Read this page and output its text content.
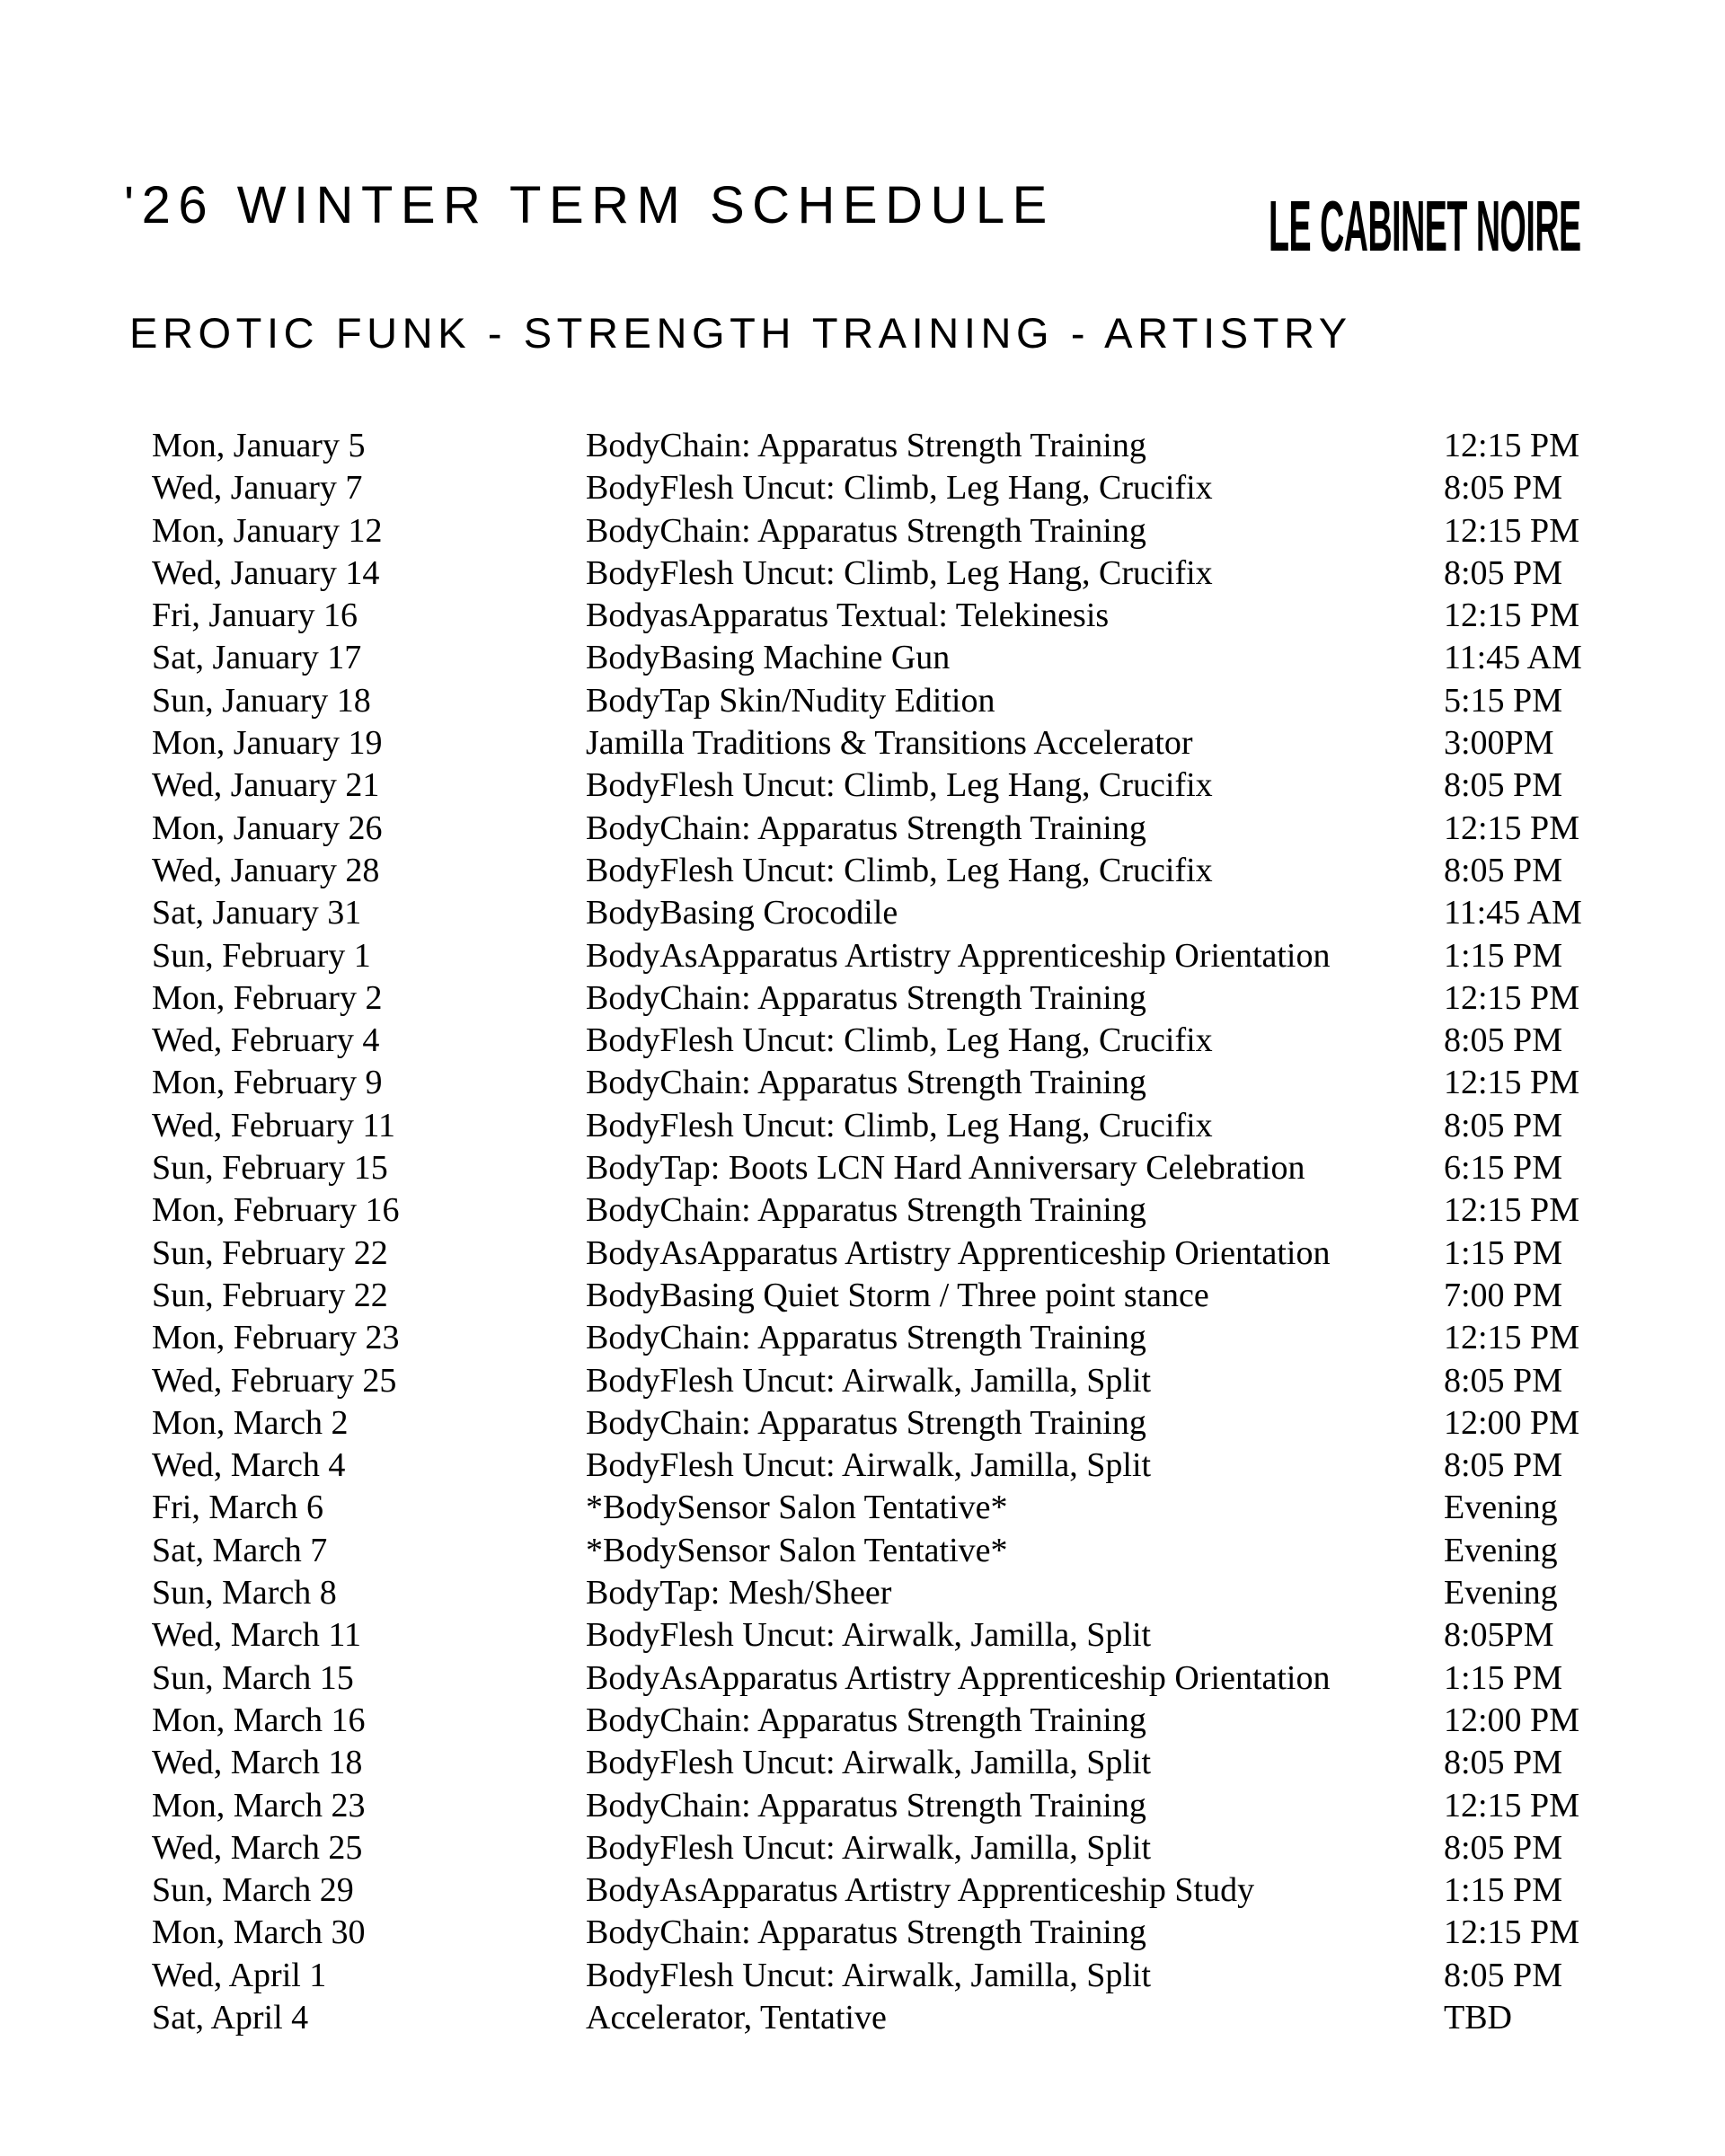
'26 WINTER TERM SCHEDULE	LE CABINET NOIRE
EROTIC FUNK - STRENGTH TRAINING - ARTISTRY
Mon, January 5	BodyChain: Apparatus Strength Training	12:15 PM
Wed, January 7	BodyFlesh Uncut: Climb, Leg Hang, Crucifix	8:05 PM
Mon, January 12	BodyChain: Apparatus Strength Training	12:15 PM
Wed, January 14	BodyFlesh Uncut: Climb, Leg Hang, Crucifix	8:05 PM
Fri, January 16	BodyasApparatus Textual: Telekinesis	12:15 PM
Sat, January 17	BodyBasing Machine Gun	11:45 AM
Sun, January 18	BodyTap Skin/Nudity Edition	5:15 PM
Mon, January 19	Jamilla Traditions & Transitions Accelerator	3:00PM
Wed, January 21	BodyFlesh Uncut: Climb, Leg Hang, Crucifix	8:05 PM
Mon, January 26	BodyChain: Apparatus Strength Training	12:15 PM
Wed, January 28	BodyFlesh Uncut: Climb, Leg Hang, Crucifix	8:05 PM
Sat, January 31	BodyBasing Crocodile	11:45 AM
Sun, February 1	BodyAsApparatus Artistry Apprenticeship Orientation	1:15 PM
Mon, February 2	BodyChain: Apparatus Strength Training	12:15 PM
Wed, February 4	BodyFlesh Uncut: Climb, Leg Hang, Crucifix	8:05 PM
Mon, February 9	BodyChain: Apparatus Strength Training	12:15 PM
Wed, February 11	BodyFlesh Uncut: Climb, Leg Hang, Crucifix	8:05 PM
Sun, February 15	BodyTap: Boots LCN Hard Anniversary Celebration	6:15 PM
Mon, February 16	BodyChain: Apparatus Strength Training	12:15 PM
Sun, February 22	BodyAsApparatus Artistry Apprenticeship Orientation	1:15 PM
Sun, February 22	BodyBasing Quiet Storm / Three point stance	7:00 PM
Mon, February 23	BodyChain: Apparatus Strength Training	12:15 PM
Wed, February 25	BodyFlesh Uncut: Airwalk, Jamilla, Split	8:05 PM
Mon, March 2	BodyChain: Apparatus Strength Training	12:00 PM
Wed, March 4	BodyFlesh Uncut: Airwalk, Jamilla, Split	8:05 PM
Fri, March 6	*BodySensor Salon Tentative*	Evening
Sat, March 7	*BodySensor Salon Tentative*	Evening
Sun, March 8	BodyTap: Mesh/Sheer	Evening
Wed, March 11	BodyFlesh Uncut: Airwalk, Jamilla, Split	8:05PM
Sun, March 15	BodyAsApparatus Artistry Apprenticeship Orientation	1:15 PM
Mon, March 16	BodyChain: Apparatus Strength Training	12:00 PM
Wed, March 18	BodyFlesh Uncut: Airwalk, Jamilla, Split	8:05 PM
Mon, March 23	BodyChain: Apparatus Strength Training	12:15 PM
Wed, March 25	BodyFlesh Uncut: Airwalk, Jamilla, Split	8:05 PM
Sun, March 29	BodyAsApparatus Artistry Apprenticeship Study	1:15 PM
Mon, March 30	BodyChain: Apparatus Strength Training	12:15 PM
Wed, April 1	BodyFlesh Uncut: Airwalk, Jamilla, Split	8:05 PM
Sat, April 4	Accelerator, Tentative	TBD
